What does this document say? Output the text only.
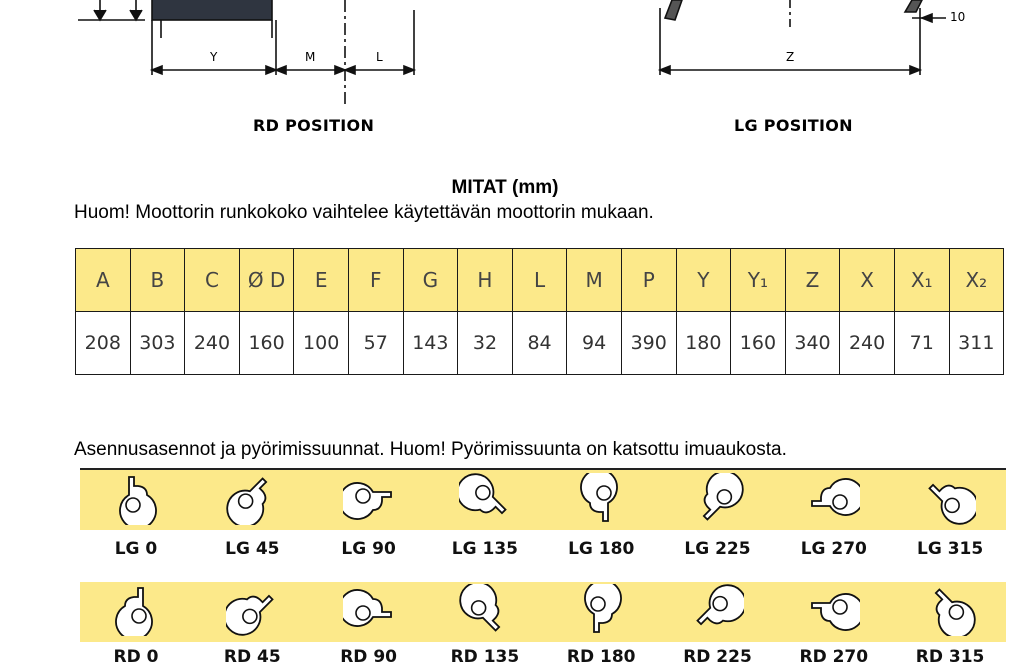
Y	M	L	Z
10
RD POSITION	LG POSITION
MITAT (mm)
Huom! Moottorin runkokoko vaihtelee käytettävän moottorin mukaan.
A	B	C	Ø D	E	F	G	H	L	M	P	Y	Y₁	Z	X	X₁	X₂
208	303	240	160	100	57	143	32	84	94	390	180	160	340	240	71	311
Asennusasennot ja pyörimissuunnat. Huom! Pyörimissuunta on katsottu imuaukosta.
LG 0	LG 45	LG 90	LG 135	LG 180	LG 225	LG 270	LG 315
RD 0	RD 45	RD 90	RD 135	RD 180	RD 225	RD 270	RD 315
